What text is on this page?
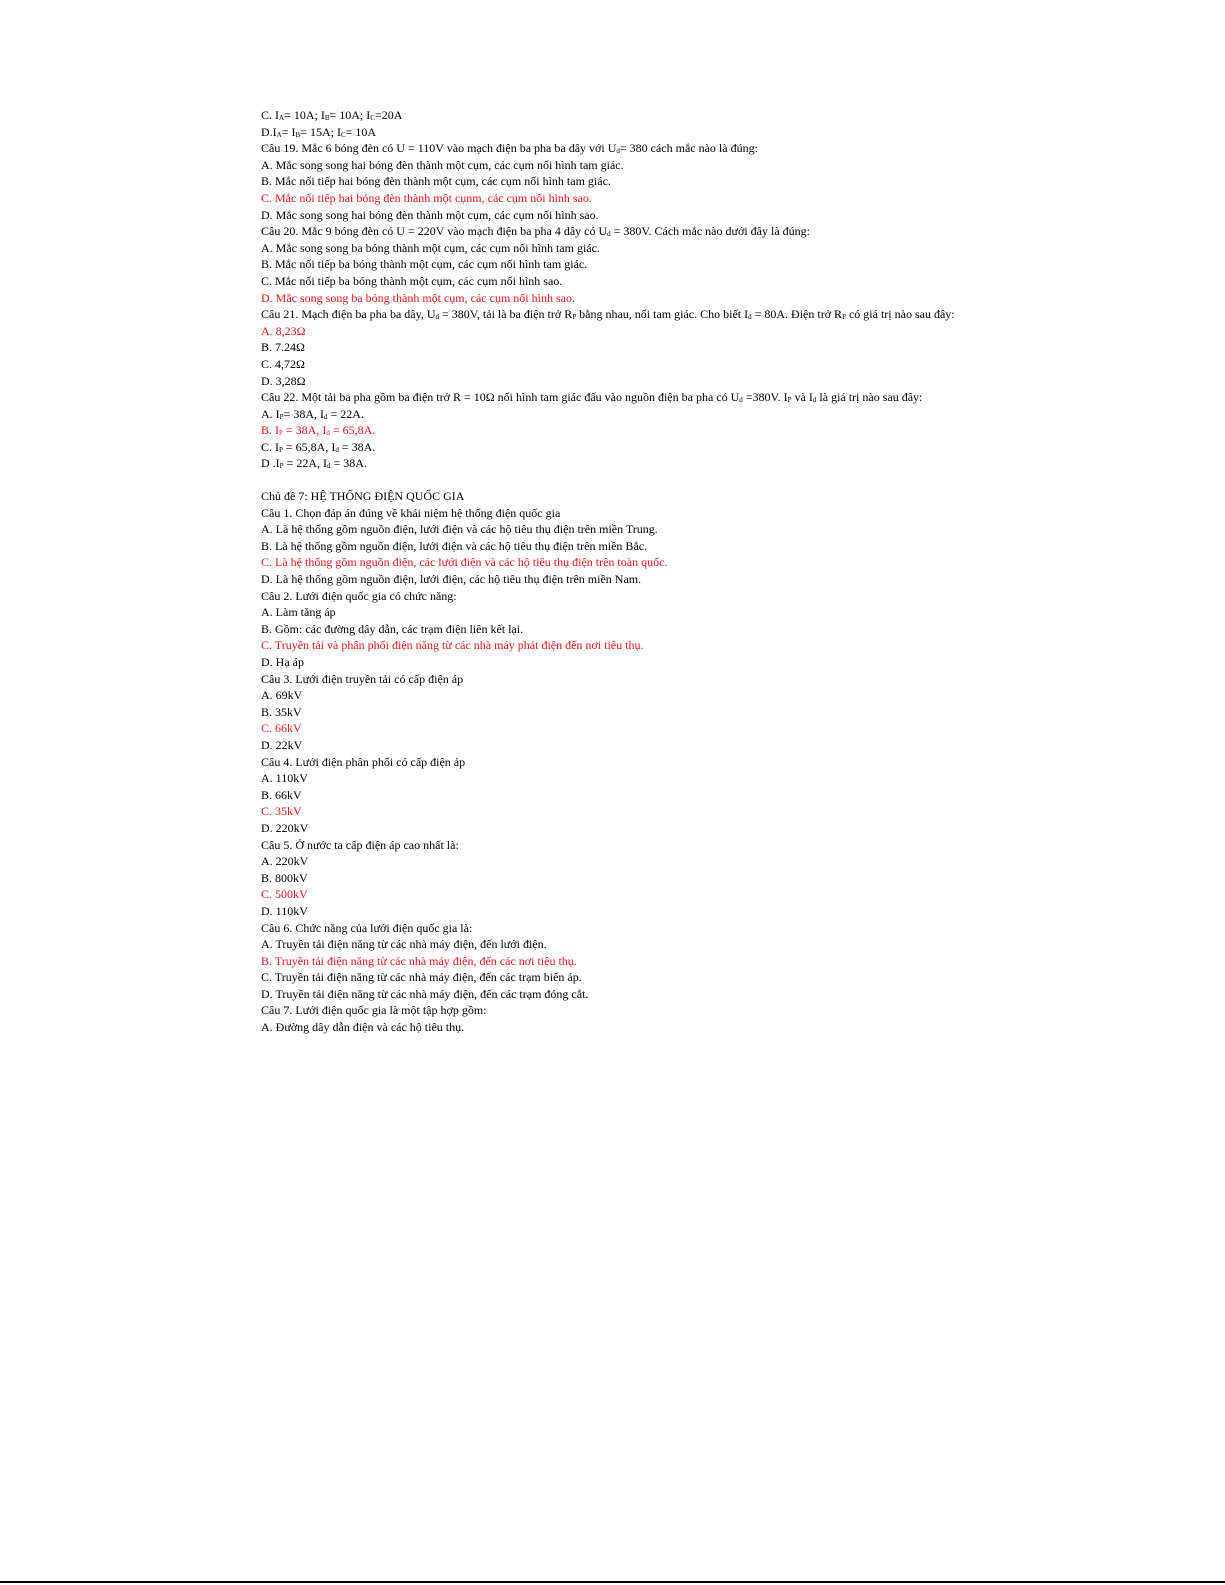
C. $I_A= 10A$; $I_B= 10A$; $I_C=20A$
$D.I_A= I_B= 15A$; $I_C= 10A$
Câu 19. Mắc 6 bóng đèn có U = 110V vào mạch điện ba pha ba dây với $U_d= 380$ cách mắc nào là đúng:
A. Mắc song song hai bóng đèn thành một cụm, các cụm nối hình tam giác.
B. Mắc nối tiếp hai bóng đèn thành một cụm, các cụm nối hình tam giác.
C. Mắc nối tiếp hai bóng đèn thành một cụnm, các cụm nối hình sao.
D. Mắc song song hai bóng đèn thành một cụm, các cụm nối hình sao.
Câu 20. Mắc 9 bóng đèn có U = 220V vào mạch điện ba pha 4 dây có $U_d = 380V$. Cách mắc nào dưới đây là đúng:
A. Mắc song song ba bóng thành một cụm, các cụm nối hình tam giác.
B. Mắc nối tiếp ba bóng thành một cụm, các cụm nối hình tam giác.
C. Mắc nối tiếp ba bóng thành một cụm, các cụm nối hình sao.
D. Mắc song song ba bóng thành một cụm, các cụm nối hình sao.
Câu 21. Mạch điện ba pha ba dây, $U_d = 380V$, tải là ba điện trở $R_P$ bằng nhau, nối tam giác. Cho biết $I_d = 80A$. Điện trở $R_P$ có giá trị nào sau đây:
A. 8,23Ω
B. 7.24Ω
C. 4,72Ω
D. 3,28Ω
Câu 22. Một tải ba pha gồm ba điện trở R = 10Ω nối hình tam giác đấu vào nguồn điện ba pha có $U_d =380V$. $I_P$ và $I_d$ là giá trị nào sau đây:
A. $I_P= 38A$, $I_d = 22A$.
B. $I_P = 38A$, $I_d = 65,8A$.
C. $I_P = 65,8A$, $I_d = 38A$.
D $.I_P = 22A$, $I_d = 38A$.
Chủ đề 7: HỆ THỐNG ĐIỆN QUỐC GIA
Câu 1. Chọn đáp án đúng về khái niệm hệ thống điện quốc gia
A. Là hệ thống gồm nguồn điện, lưới điện và các hộ tiêu thụ điện trên miền Trung.
B. Là hệ thống gồm nguồn điện, lưới điện và các hộ tiêu thụ điện trên miền Bắc.
C. Là hệ thống gồm nguồn điện, các lưới điện và các hộ tiêu thụ điện trên toàn quốc.
D. Là hệ thống gồm nguồn điện, lưới điện, các hộ tiêu thụ điện trên miền Nam.
Câu 2. Lưới điện quốc gia có chức năng:
A. Làm tăng áp
B. Gồm: các đường dây dẫn, các trạm điện liên kết lại.
C. Truyền tải và phân phối điện năng từ các nhà máy phát điện đến nơi tiêu thụ.
D. Hạ áp
Câu 3. Lưới điện truyền tải có cấp điện áp
A. 69kV
B. 35kV
C. 66kV
D. 22kV
Câu 4. Lưới điện phân phối có cấp điện áp
A. 110kV
B. 66kV
C. 35kV
D. 220kV
Câu 5. Ở nước ta cấp điện áp cao nhất là:
A. 220kV
B. 800kV
C. 500kV
D. 110kV
Câu 6. Chức năng của lưới điện quốc gia là:
A. Truyền tải điện năng từ các nhà máy điện, đến lưới điện.
B. Truyền tải điện năng từ các nhà máy điện, đến các nơi tiêu thụ.
C. Truyền tải điện năng từ các nhà máy điện, đến các trạm biến áp.
D. Truyền tải điện năng từ các nhà máy điện, đến các trạm đóng cắt.
Câu 7. Lưới điện quốc gia là một tập hợp gồm:
A. Đường dây dẫn điện và các hộ tiêu thụ.
